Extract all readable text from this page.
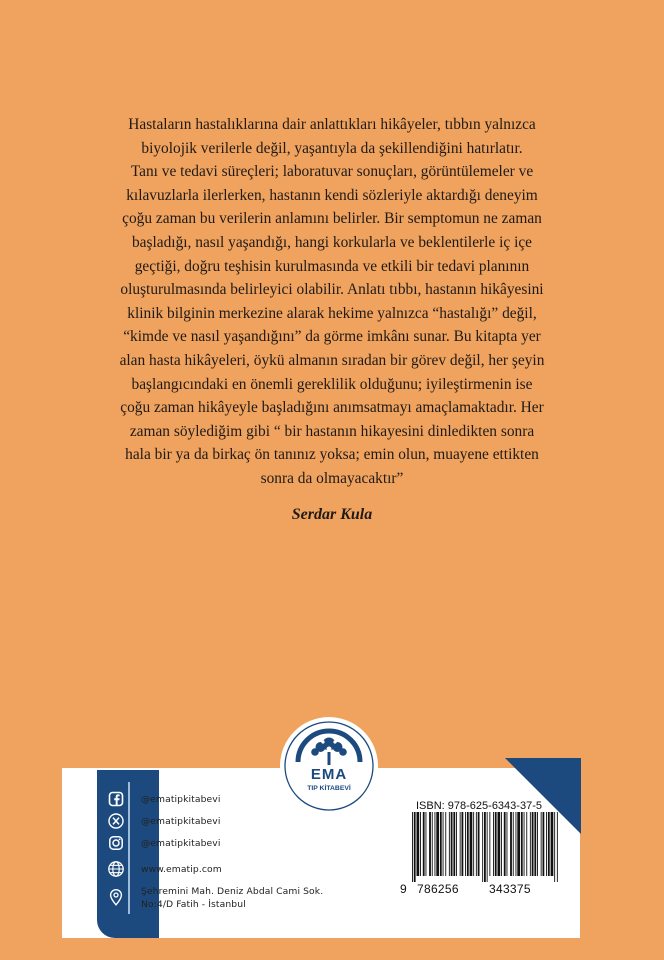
Hastaların hastalıklarına dair anlattıkları hikâyeler, tıbbın yalnızca
biyolojik verilerle değil, yaşantıyla da şekillendiğini hatırlatır.
Tanı ve tedavi süreçleri; laboratuvar sonuçları, görüntülemeler ve
kılavuzlarla ilerlerken, hastanın kendi sözleriyle aktardığı deneyim
çoğu zaman bu verilerin anlamını belirler. Bir semptomun ne zaman
başladığı, nasıl yaşandığı, hangi korkularla ve beklentilerle iç içe
geçtiği, doğru teşhisin kurulmasında ve etkili bir tedavi planının
oluşturulmasında belirleyici olabilir. Anlatı tıbbı, hastanın hikâyesini
klinik bilginin merkezine alarak hekime yalnızca “hastalığı” değil,
“kimde ve nasıl yaşandığını” da görme imkânı sunar. Bu kitapta yer
alan hasta hikâyeleri, öykü almanın sıradan bir görev değil, her şeyin
başlangıcındaki en önemli gereklilik olduğunu; iyileştirmenin ise
çoğu zaman hikâyeyle başladığını anımsatmayı amaçlamaktadır. Her
zaman söylediğim gibi “ bir hastanın hikayesini dinledikten sonra
hala bir ya da birkaç ön tanınız yoksa; emin olun, muayene ettikten
sonra da olmayacaktır”

Serdar Kula
@ematipkitabevi
@ematipkitabevi
@ematipkitabevi
www.ematip.com
Şehremini Mah. Deniz Abdal Cami Sok.
No:4/D Fatih - İstanbul
EMA
TIP KİTABEVİ
ISBN: 978-625-6343-37-5
9 786256	343375
